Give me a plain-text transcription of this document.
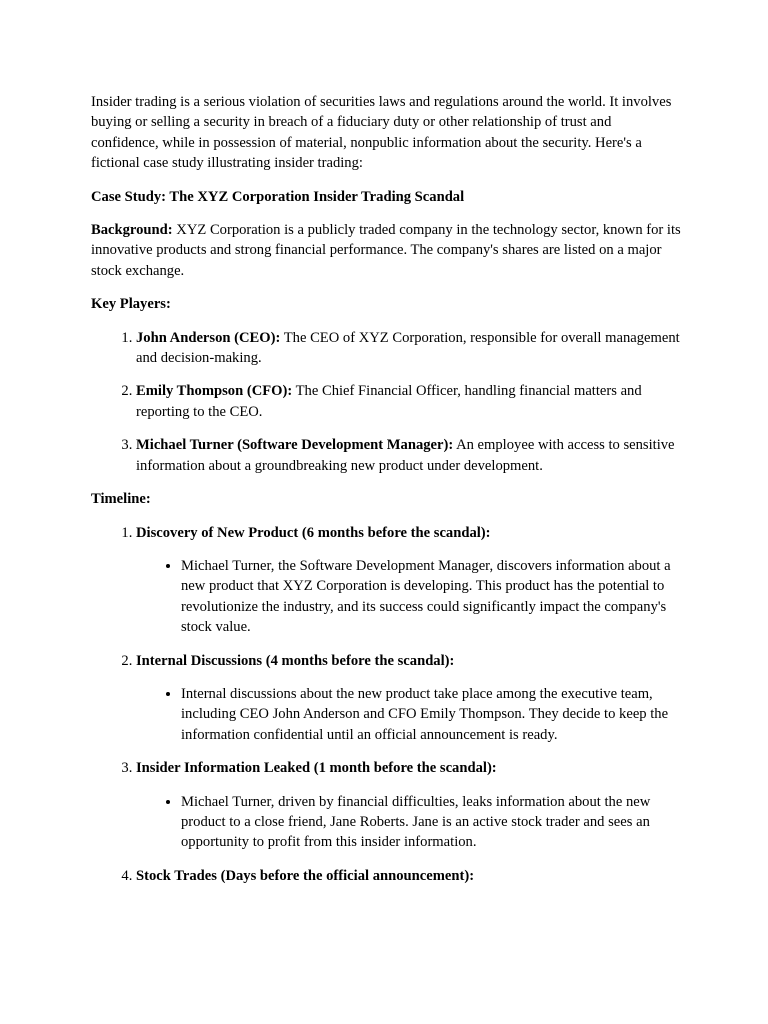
Insider trading is a serious violation of securities laws and regulations around the world. It involves buying or selling a security in breach of a fiduciary duty or other relationship of trust and confidence, while in possession of material, nonpublic information about the security. Here's a fictional case study illustrating insider trading:

Case Study: The XYZ Corporation Insider Trading Scandal

Background: XYZ Corporation is a publicly traded company in the technology sector, known for its innovative products and strong financial performance. The company's shares are listed on a major stock exchange.

Key Players:

1. John Anderson (CEO): The CEO of XYZ Corporation, responsible for overall management and decision-making.
2. Emily Thompson (CFO): The Chief Financial Officer, handling financial matters and reporting to the CEO.
3. Michael Turner (Software Development Manager): An employee with access to sensitive information about a groundbreaking new product under development.

Timeline:

1. Discovery of New Product (6 months before the scandal):
• Michael Turner, the Software Development Manager, discovers information about a new product that XYZ Corporation is developing. This product has the potential to revolutionize the industry, and its success could significantly impact the company's stock value.
2. Internal Discussions (4 months before the scandal):
• Internal discussions about the new product take place among the executive team, including CEO John Anderson and CFO Emily Thompson. They decide to keep the information confidential until an official announcement is ready.
3. Insider Information Leaked (1 month before the scandal):
• Michael Turner, driven by financial difficulties, leaks information about the new product to a close friend, Jane Roberts. Jane is an active stock trader and sees an opportunity to profit from this insider information.
4. Stock Trades (Days before the official announcement):
